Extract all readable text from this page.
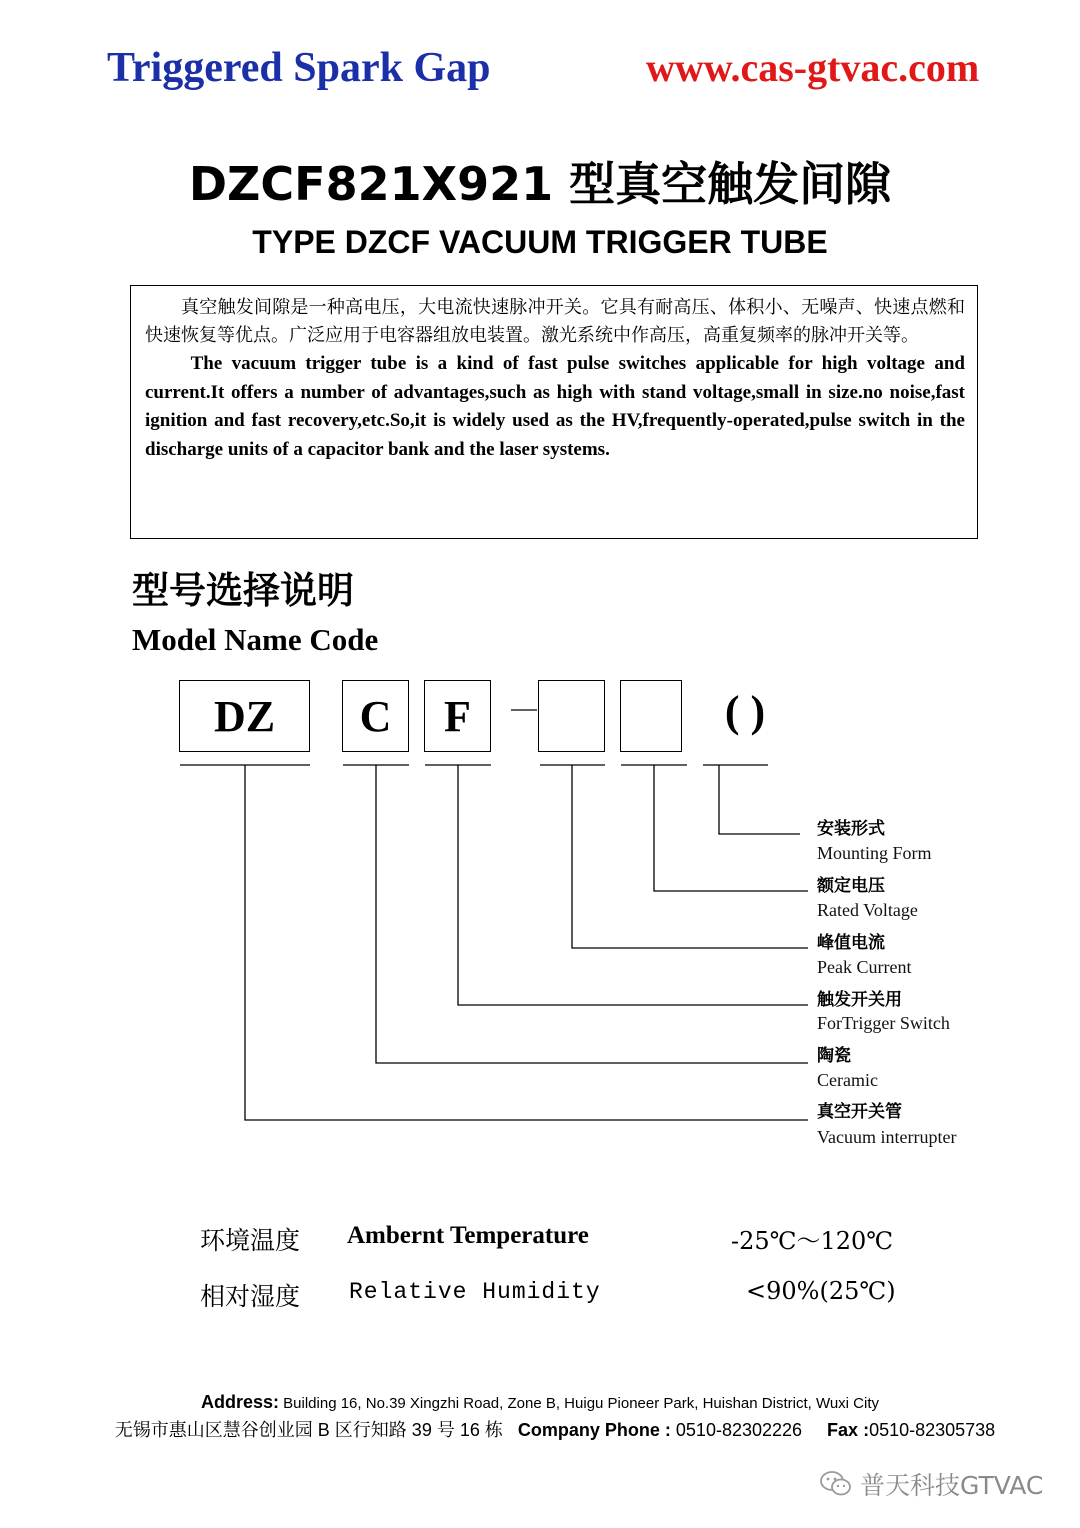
Triggered Spark Gap	www.cas-gtvac.com
DZCF821X921 型真空触发间隙
TYPE DZCF VACUUM TRIGGER TUBE

真空触发间隙是一种高电压，大电流快速脉冲开关。它具有耐高压、体积小、无噪声、快速点燃和快速恢复等优点。广泛应用于电容器组放电装置。激光系统中作高压，高重复频率的脉冲开关等。

The vacuum trigger tube is a kind of fast pulse switches applicable for high voltage and current.It offers a number of advantages,such as high with stand voltage,small in size.no noise,fast ignition and fast recovery,etc.So,it is widely used as the HV,frequently-operated,pulse switch in the discharge units of a capacitor bank and the laser systems.

型号选择说明
Model Name Code
DZ	C	F	( )
安装形式
Mounting Form
额定电压
Rated Voltage
峰值电流
Peak Current
触发开关用
ForTrigger Switch
陶瓷
Ceramic
真空开关管
Vacuum interrupter
环境温度 Ambernt Temperature	-25℃～120℃
相对湿度 Relative Humidity	<90%(25℃)
Address: Building 16, No.39 Xingzhi Road, Zone B, Huigu Pioneer Park, Huishan District, Wuxi City
无锡市惠山区慧谷创业园 B 区行知路 39 号 16 栋 Company Phone : 0510-82302226 Fax :0510-82305738
普天科技GTVAC
